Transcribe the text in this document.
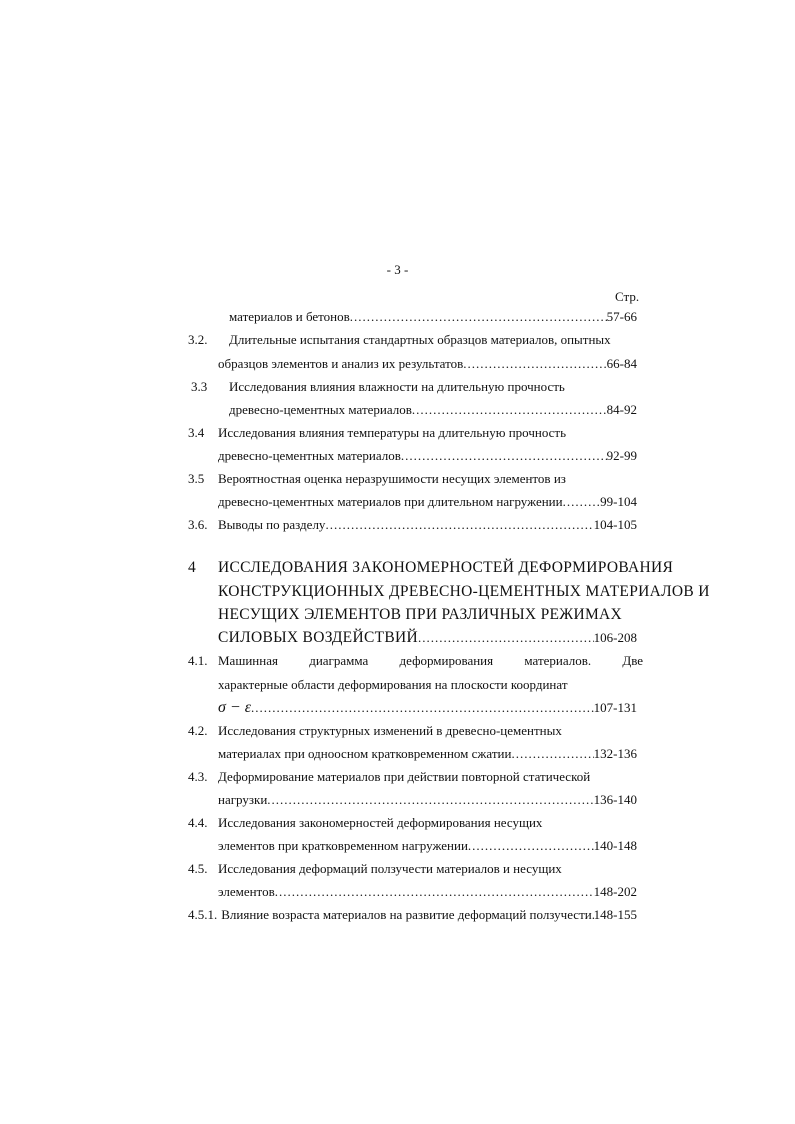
- 3 -
Стр.
материалов и бетонов .....	57-66
3.2. Длительные испытания стандартных образцов материалов, опытных
образцов элементов и анализ их результатов .....	66-84
3.3 Исследования влияния влажности на длительную прочность
древесно-цементных материалов .....	84-92
3.4 Исследования влияния температуры на длительную прочность
древесно-цементных материалов .....	92-99
3.5 Вероятностная оценка неразрушимости несущих элементов из
древесно-цементных материалов при длительном нагружении .....	99-104
3.6. Выводы по разделу .....	104-105
4 ИССЛЕДОВАНИЯ ЗАКОНОМЕРНОСТЕЙ ДЕФОРМИРОВАНИЯ
КОНСТРУКЦИОННЫХ ДРЕВЕСНО-ЦЕМЕНТНЫХ МАТЕРИАЛОВ И
НЕСУЩИХ ЭЛЕМЕНТОВ ПРИ РАЗЛИЧНЫХ РЕЖИМАХ
СИЛОВЫХ ВОЗДЕЙСТВИЙ .....	106-208
4.1. Машинная диаграмма деформирования материалов. Две
характерные области деформирования на плоскости координат
σ − ε .....	107-131
4.2. Исследования структурных изменений в древесно-цементных
материалах при одноосном кратковременном сжатии .....	132-136
4.3. Деформирование материалов при действии повторной статической
нагрузки .....	136-140
4.4. Исследования закономерностей деформирования несущих
элементов при кратковременном нагружении .....	140-148
4.5. Исследования деформаций ползучести материалов и несущих
элементов .....	148-202
4.5.1. Влияние возраста материалов на развитие деформаций ползучести ..... 148-155
